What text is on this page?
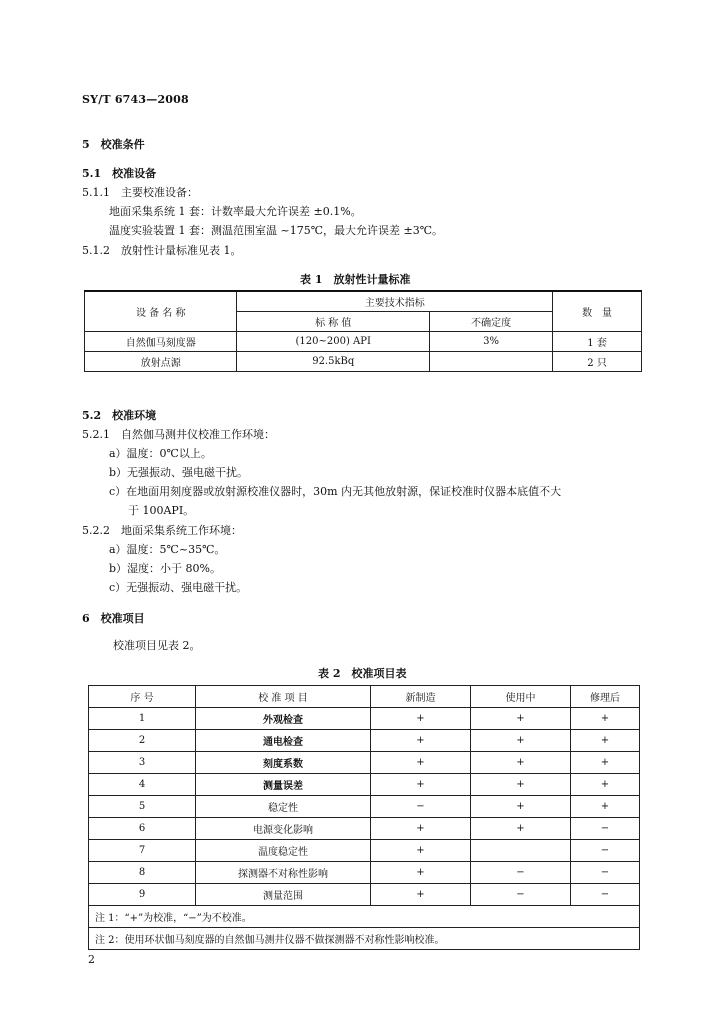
SY/T 6743—2008
5　校准条件
5.1　校准设备
5.1.1　主要校准设备：
地面采集系统 1 套：计数率最大允许误差 ±0.1%。
温度实验装置 1 套：测温范围室温 ~175℃，最大允许误差 ±3℃。
5.1.2　放射性计量标准见表 1。
表 1　放射性计量标准
设 备 名 称	主要技术指标		数　量
	标 称 值	不确定度	
自然伽马刻度器	(120~200) API	3%	1 套
放射点源	92.5kBq		2 只
5.2　校准环境
5.2.1　自然伽马测井仪校准工作环境：
a）温度：0℃以上。
b）无强振动、强电磁干扰。
c）在地面用刻度器或放射源校准仪器时，30m 内无其他放射源，保证校准时仪器本底值不大
于 100API。
5.2.2　地面采集系统工作环境：
a）温度：5℃~35℃。
b）湿度：小于 80%。
c）无强振动、强电磁干扰。
6　校准项目
校准项目见表 2。
表 2　校准项目表
序 号	校 准 项 目	新制造	使用中	修理后
1	外观检查	+	+	+
2	通电检查	+	+	+
3	刻度系数	+	+	+
4	测量误差	+	+	+
5	稳定性	−	+	+
6	电源变化影响	+	+	−
7	温度稳定性	+		−
8	探测器不对称性影响	+	−	−
9	测量范围	+	−	−
注 1：“+”为校准，“−”为不校准。				
注 2：使用环状伽马刻度器的自然伽马测井仪器不做探测器不对称性影响校准。				
2
